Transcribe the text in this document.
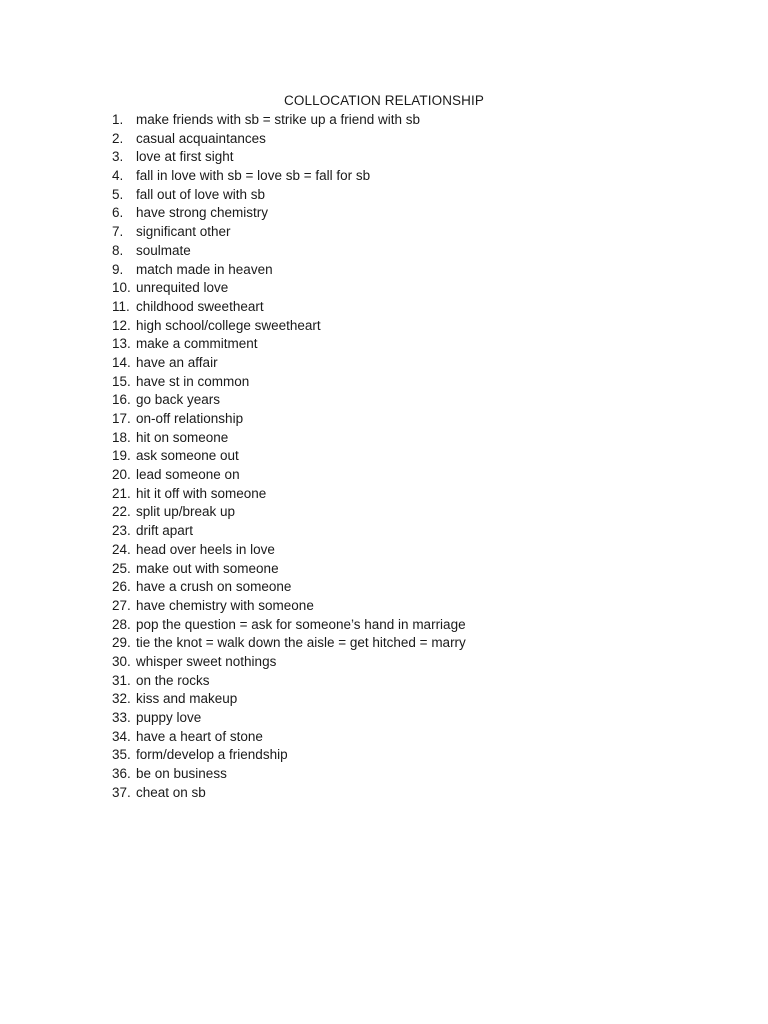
COLLOCATION RELATIONSHIP
1. make friends with sb = strike up a friend with sb
2. casual acquaintances
3. love at first sight
4. fall in love with sb = love sb = fall for sb
5. fall out of love with sb
6. have strong chemistry
7. significant other
8. soulmate
9. match made in heaven
10. unrequited love
11. childhood sweetheart
12. high school/college sweetheart
13. make a commitment
14. have an affair
15. have st in common
16. go back years
17. on-off relationship
18. hit on someone
19. ask someone out
20. lead someone on
21. hit it off with someone
22. split up/break up
23. drift apart
24. head over heels in love
25. make out with someone
26. have a crush on someone
27. have chemistry with someone
28. pop the question = ask for someone’s hand in marriage
29. tie the knot = walk down the aisle = get hitched = marry
30. whisper sweet nothings
31. on the rocks
32. kiss and makeup
33. puppy love
34. have a heart of stone
35. form/develop a friendship
36. be on business
37. cheat on sb
